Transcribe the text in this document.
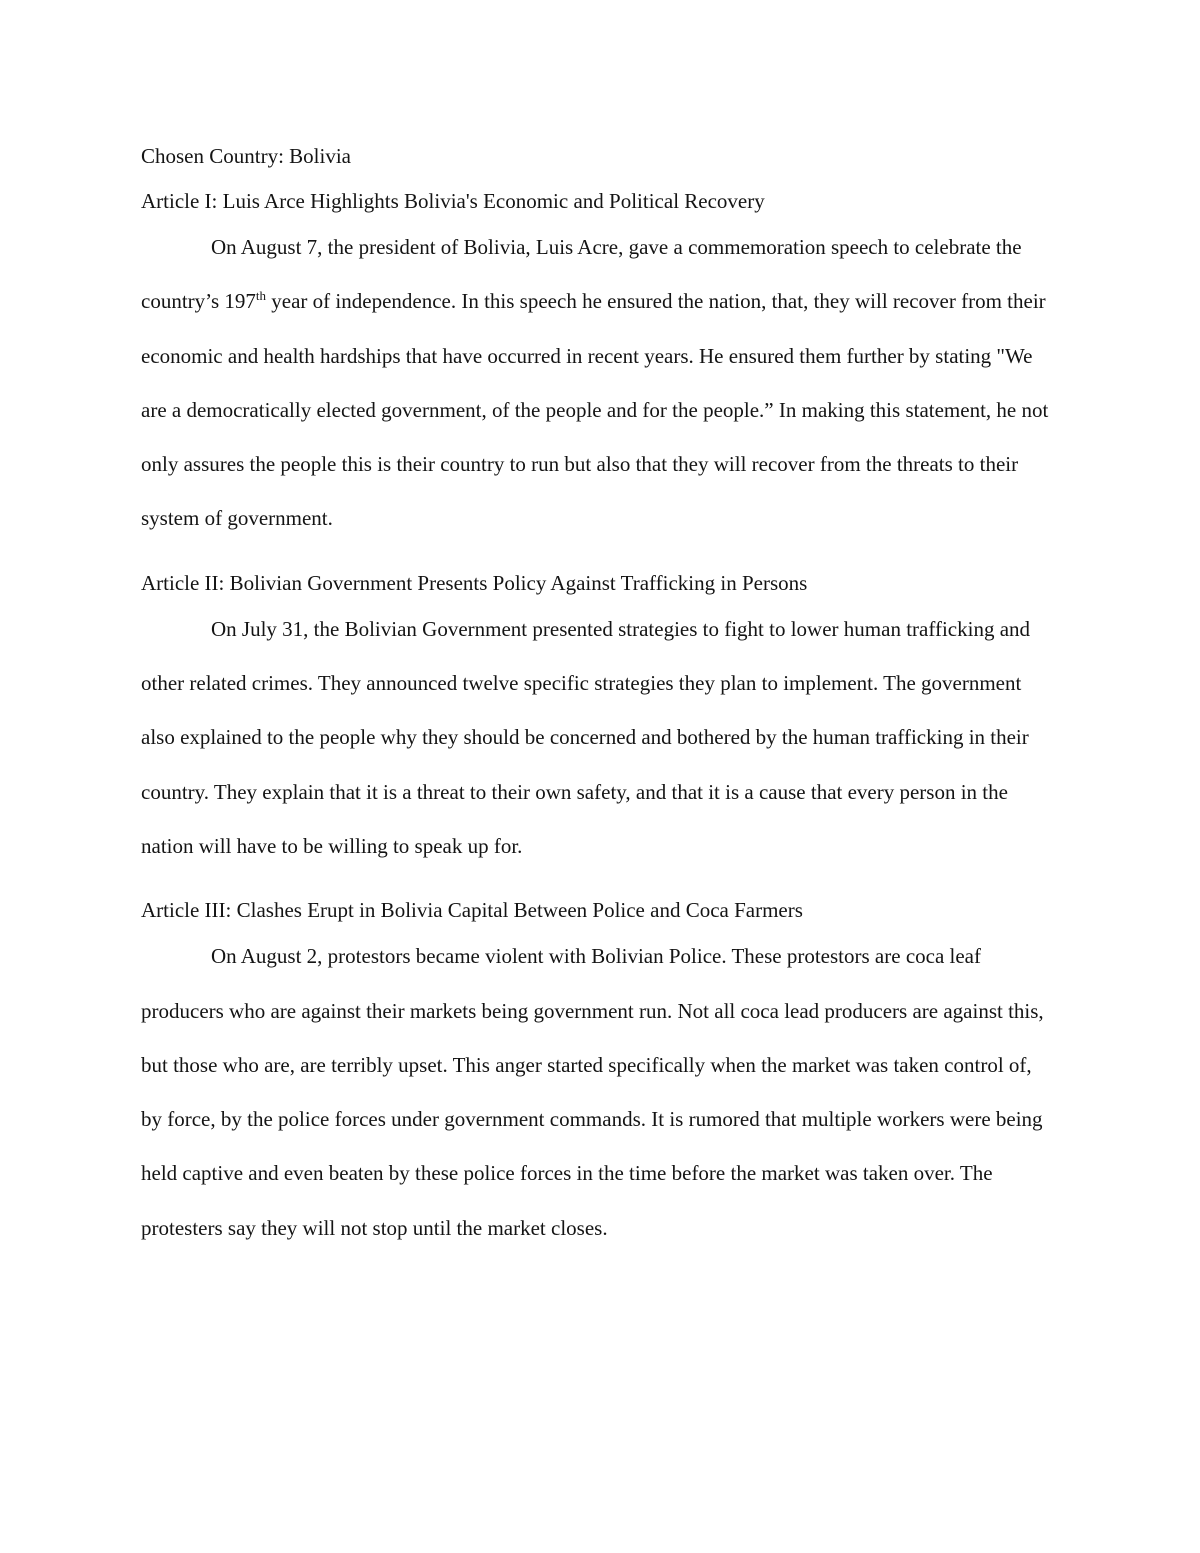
Chosen Country: Bolivia

Article I: Luis Arce Highlights Bolivia's Economic and Political Recovery

On August 7, the president of Bolivia, Luis Acre, gave a commemoration speech to celebrate the country’s 197th year of independence. In this speech he ensured the nation, that, they will recover from their economic and health hardships that have occurred in recent years. He ensured them further by stating "We are a democratically elected government, of the people and for the people.” In making this statement, he not only assures the people this is their country to run but also that they will recover from the threats to their system of government.

Article II: Bolivian Government Presents Policy Against Trafficking in Persons

On July 31, the Bolivian Government presented strategies to fight to lower human trafficking and other related crimes. They announced twelve specific strategies they plan to implement. The government also explained to the people why they should be concerned and bothered by the human trafficking in their country. They explain that it is a threat to their own safety, and that it is a cause that every person in the nation will have to be willing to speak up for.

Article III: Clashes Erupt in Bolivia Capital Between Police and Coca Farmers

On August 2, protestors became violent with Bolivian Police. These protestors are coca leaf producers who are against their markets being government run. Not all coca lead producers are against this, but those who are, are terribly upset. This anger started specifically when the market was taken control of, by force, by the police forces under government commands. It is rumored that multiple workers were being held captive and even beaten by these police forces in the time before the market was taken over. The protesters say they will not stop until the market closes.
